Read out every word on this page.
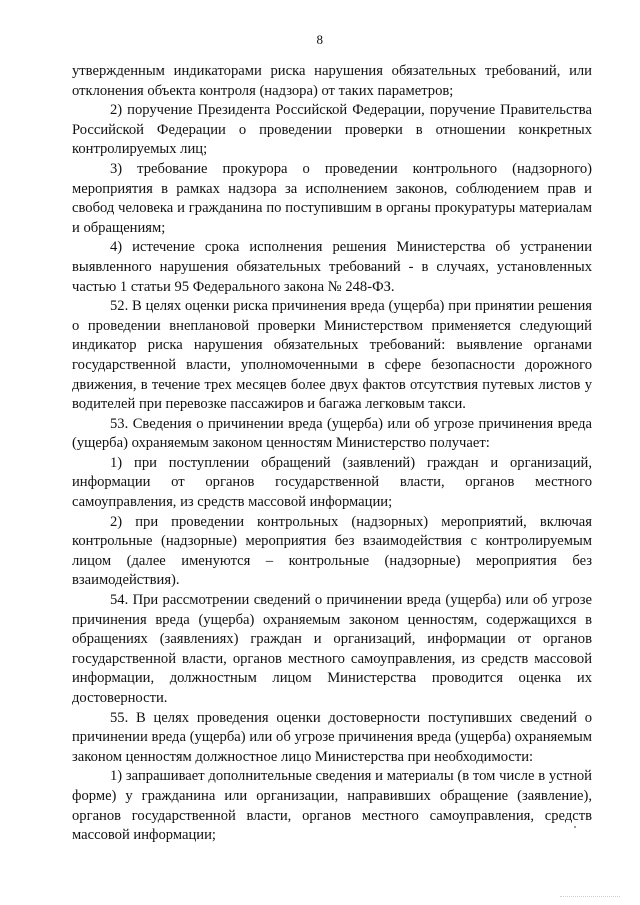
8

утвержденным индикаторами риска нарушения обязательных требований, или отклонения объекта контроля (надзора) от таких параметров;

2) поручение Президента Российской Федерации, поручение Правительства Российской Федерации о проведении проверки в отношении конкретных контролируемых лиц;

3) требование прокурора о проведении контрольного (надзорного) мероприятия в рамках надзора за исполнением законов, соблюдением прав и свобод человека и гражданина по поступившим в органы прокуратуры материалам и обращениям;

4) истечение срока исполнения решения Министерства об устранении выявленного нарушения обязательных требований - в случаях, установленных частью 1 статьи 95 Федерального закона № 248-ФЗ.

52. В целях оценки риска причинения вреда (ущерба) при принятии решения о проведении внеплановой проверки Министерством применяется следующий индикатор риска нарушения обязательных требований: выявление органами государственной власти, уполномоченными в сфере безопасности дорожного движения, в течение трех месяцев более двух фактов отсутствия путевых листов у водителей при перевозке пассажиров и багажа легковым такси.

53. Сведения о причинении вреда (ущерба) или об угрозе причинения вреда (ущерба) охраняемым законом ценностям Министерство получает:

1) при поступлении обращений (заявлений) граждан и организаций, информации от органов государственной власти, органов местного самоуправления, из средств массовой информации;

2) при проведении контрольных (надзорных) мероприятий, включая контрольные (надзорные) мероприятия без взаимодействия с контролируемым лицом (далее именуются – контрольные (надзорные) мероприятия без взаимодействия).

54. При рассмотрении сведений о причинении вреда (ущерба) или об угрозе причинения вреда (ущерба) охраняемым законом ценностям, содержащихся в обращениях (заявлениях) граждан и организаций, информации от органов государственной власти, органов местного самоуправления, из средств массовой информации, должностным лицом Министерства проводится оценка их достоверности.

55. В целях проведения оценки достоверности поступивших сведений о причинении вреда (ущерба) или об угрозе причинения вреда (ущерба) охраняемым законом ценностям должностное лицо Министерства при необходимости:

1) запрашивает дополнительные сведения и материалы (в том числе в устной форме) у гражданина или организации, направивших обращение (заявление), органов государственной власти, органов местного самоуправления, средств массовой информации;
